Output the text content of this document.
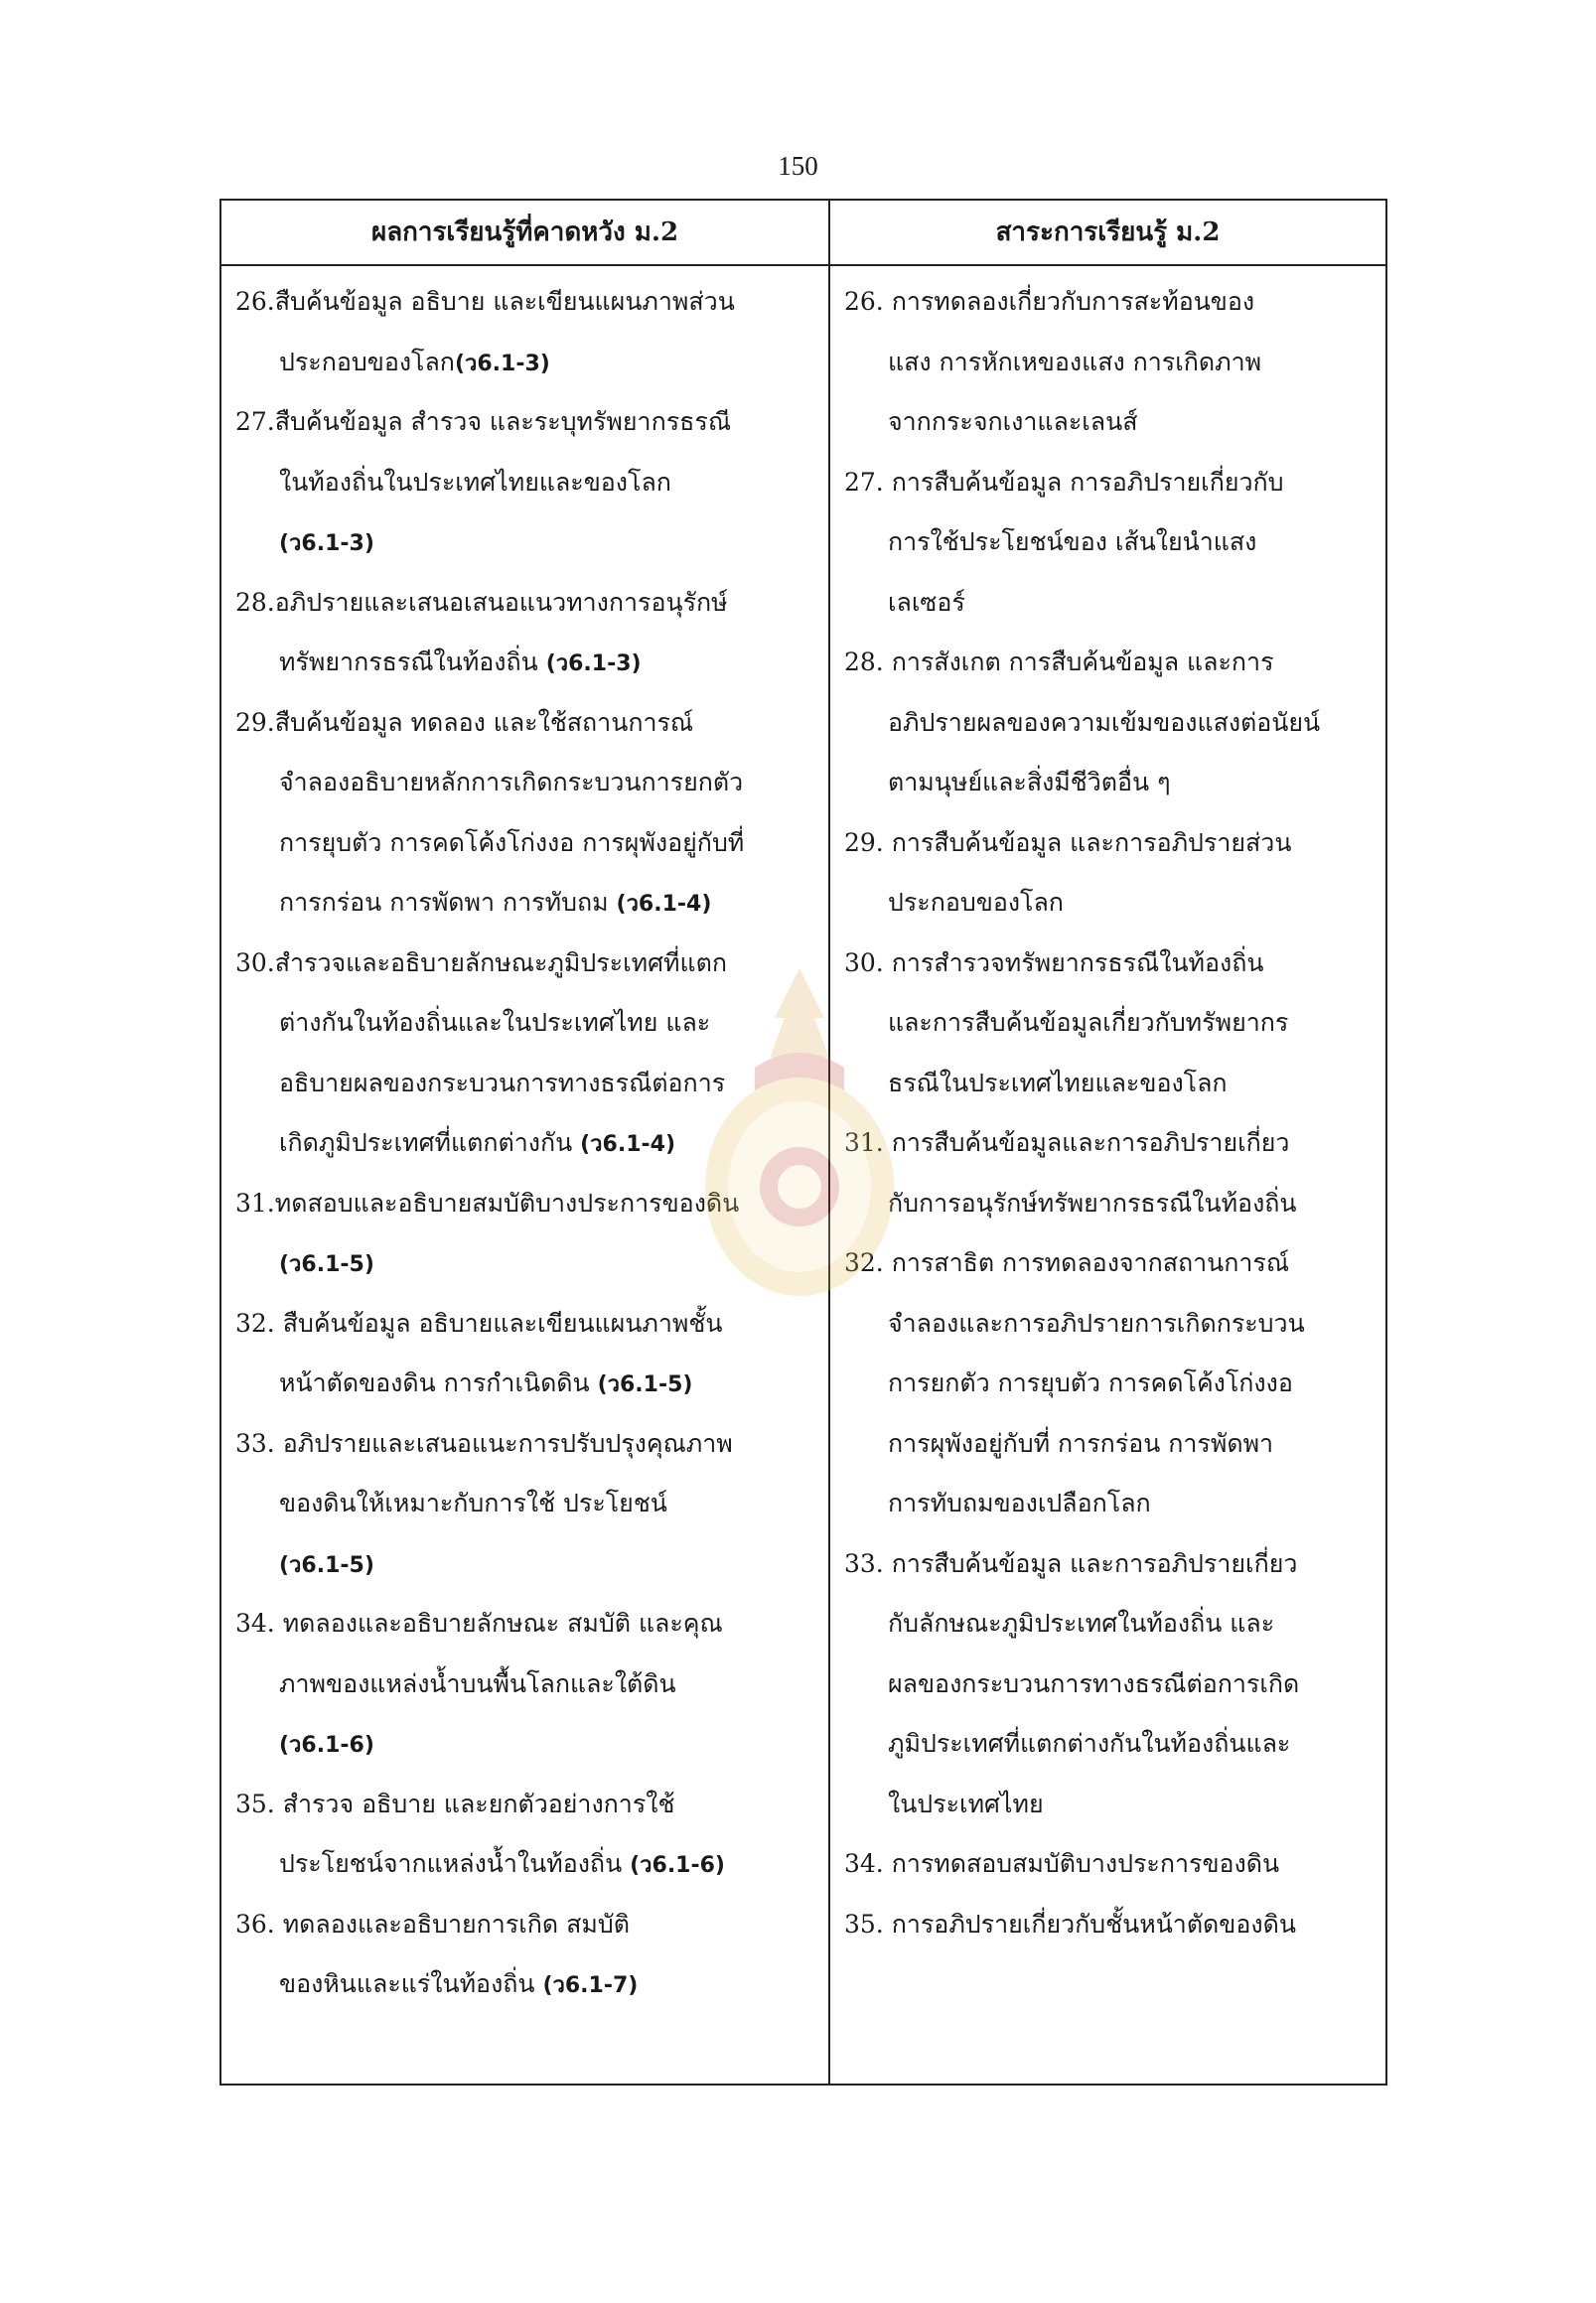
150
ผลการเรียนรู้ที่คาดหวัง ม.2	สาระการเรียนรู้ ม.2
26.สืบค้นข้อมูล อธิบาย และเขียนแผนภาพส่วน
ประกอบของโลก(ว6.1-3)
27.สืบค้นข้อมูล สำรวจ และระบุทรัพยากรธรณี
ในท้องถิ่นในประเทศไทยและของโลก
(ว6.1-3)
28.อภิปรายและเสนอเสนอแนวทางการอนุรักษ์
ทรัพยากรธรณีในท้องถิ่น (ว6.1-3)
29.สืบค้นข้อมูล ทดลอง และใช้สถานการณ์
จำลองอธิบายหลักการเกิดกระบวนการยกตัว
การยุบตัว การคดโค้งโก่งงอ การผุพังอยู่กับที่
การกร่อน การพัดพา การทับถม (ว6.1-4)
30.สำรวจและอธิบายลักษณะภูมิประเทศที่แตก
ต่างกันในท้องถิ่นและในประเทศไทย และ
อธิบายผลของกระบวนการทางธรณีต่อการ
เกิดภูมิประเทศที่แตกต่างกัน (ว6.1-4)
31.ทดสอบและอธิบายสมบัติบางประการของดิน
(ว6.1-5)
32. สืบค้นข้อมูล อธิบายและเขียนแผนภาพชั้น
หน้าตัดของดิน การกำเนิดดิน (ว6.1-5)
33. อภิปรายและเสนอแนะการปรับปรุงคุณภาพ
ของดินให้เหมาะกับการใช้ ประโยชน์
(ว6.1-5)
34. ทดลองและอธิบายลักษณะ สมบัติ และคุณ
ภาพของแหล่งน้ำบนพื้นโลกและใต้ดิน
(ว6.1-6)
35. สำรวจ อธิบาย และยกตัวอย่างการใช้
ประโยชน์จากแหล่งน้ำในท้องถิ่น (ว6.1-6)
36. ทดลองและอธิบายการเกิด สมบัติ
ของหินและแร่ในท้องถิ่น (ว6.1-7)
26. การทดลองเกี่ยวกับการสะท้อนของ
แสง การหักเหของแสง การเกิดภาพ
จากกระจกเงาและเลนส์
27. การสืบค้นข้อมูล การอภิปรายเกี่ยวกับ
การใช้ประโยชน์ของ เส้นใยนำแสง
เลเซอร์
28. การสังเกต การสืบค้นข้อมูล และการ
อภิปรายผลของความเข้มของแสงต่อนัยน์
ตามนุษย์และสิ่งมีชีวิตอื่น ๆ
29. การสืบค้นข้อมูล และการอภิปรายส่วน
ประกอบของโลก
30. การสำรวจทรัพยากรธรณีในท้องถิ่น
และการสืบค้นข้อมูลเกี่ยวกับทรัพยากร
ธรณีในประเทศไทยและของโลก
31. การสืบค้นข้อมูลและการอภิปรายเกี่ยว
กับการอนุรักษ์ทรัพยากรธรณีในท้องถิ่น
32. การสาธิต การทดลองจากสถานการณ์
จำลองและการอภิปรายการเกิดกระบวน
การยกตัว การยุบตัว การคดโค้งโก่งงอ
การผุพังอยู่กับที่ การกร่อน การพัดพา
การทับถมของเปลือกโลก
33. การสืบค้นข้อมูล และการอภิปรายเกี่ยว
กับลักษณะภูมิประเทศในท้องถิ่น และ
ผลของกระบวนการทางธรณีต่อการเกิด
ภูมิประเทศที่แตกต่างกันในท้องถิ่นและ
ในประเทศไทย
34. การทดสอบสมบัติบางประการของดิน
35. การอภิปรายเกี่ยวกับชั้นหน้าตัดของดิน
